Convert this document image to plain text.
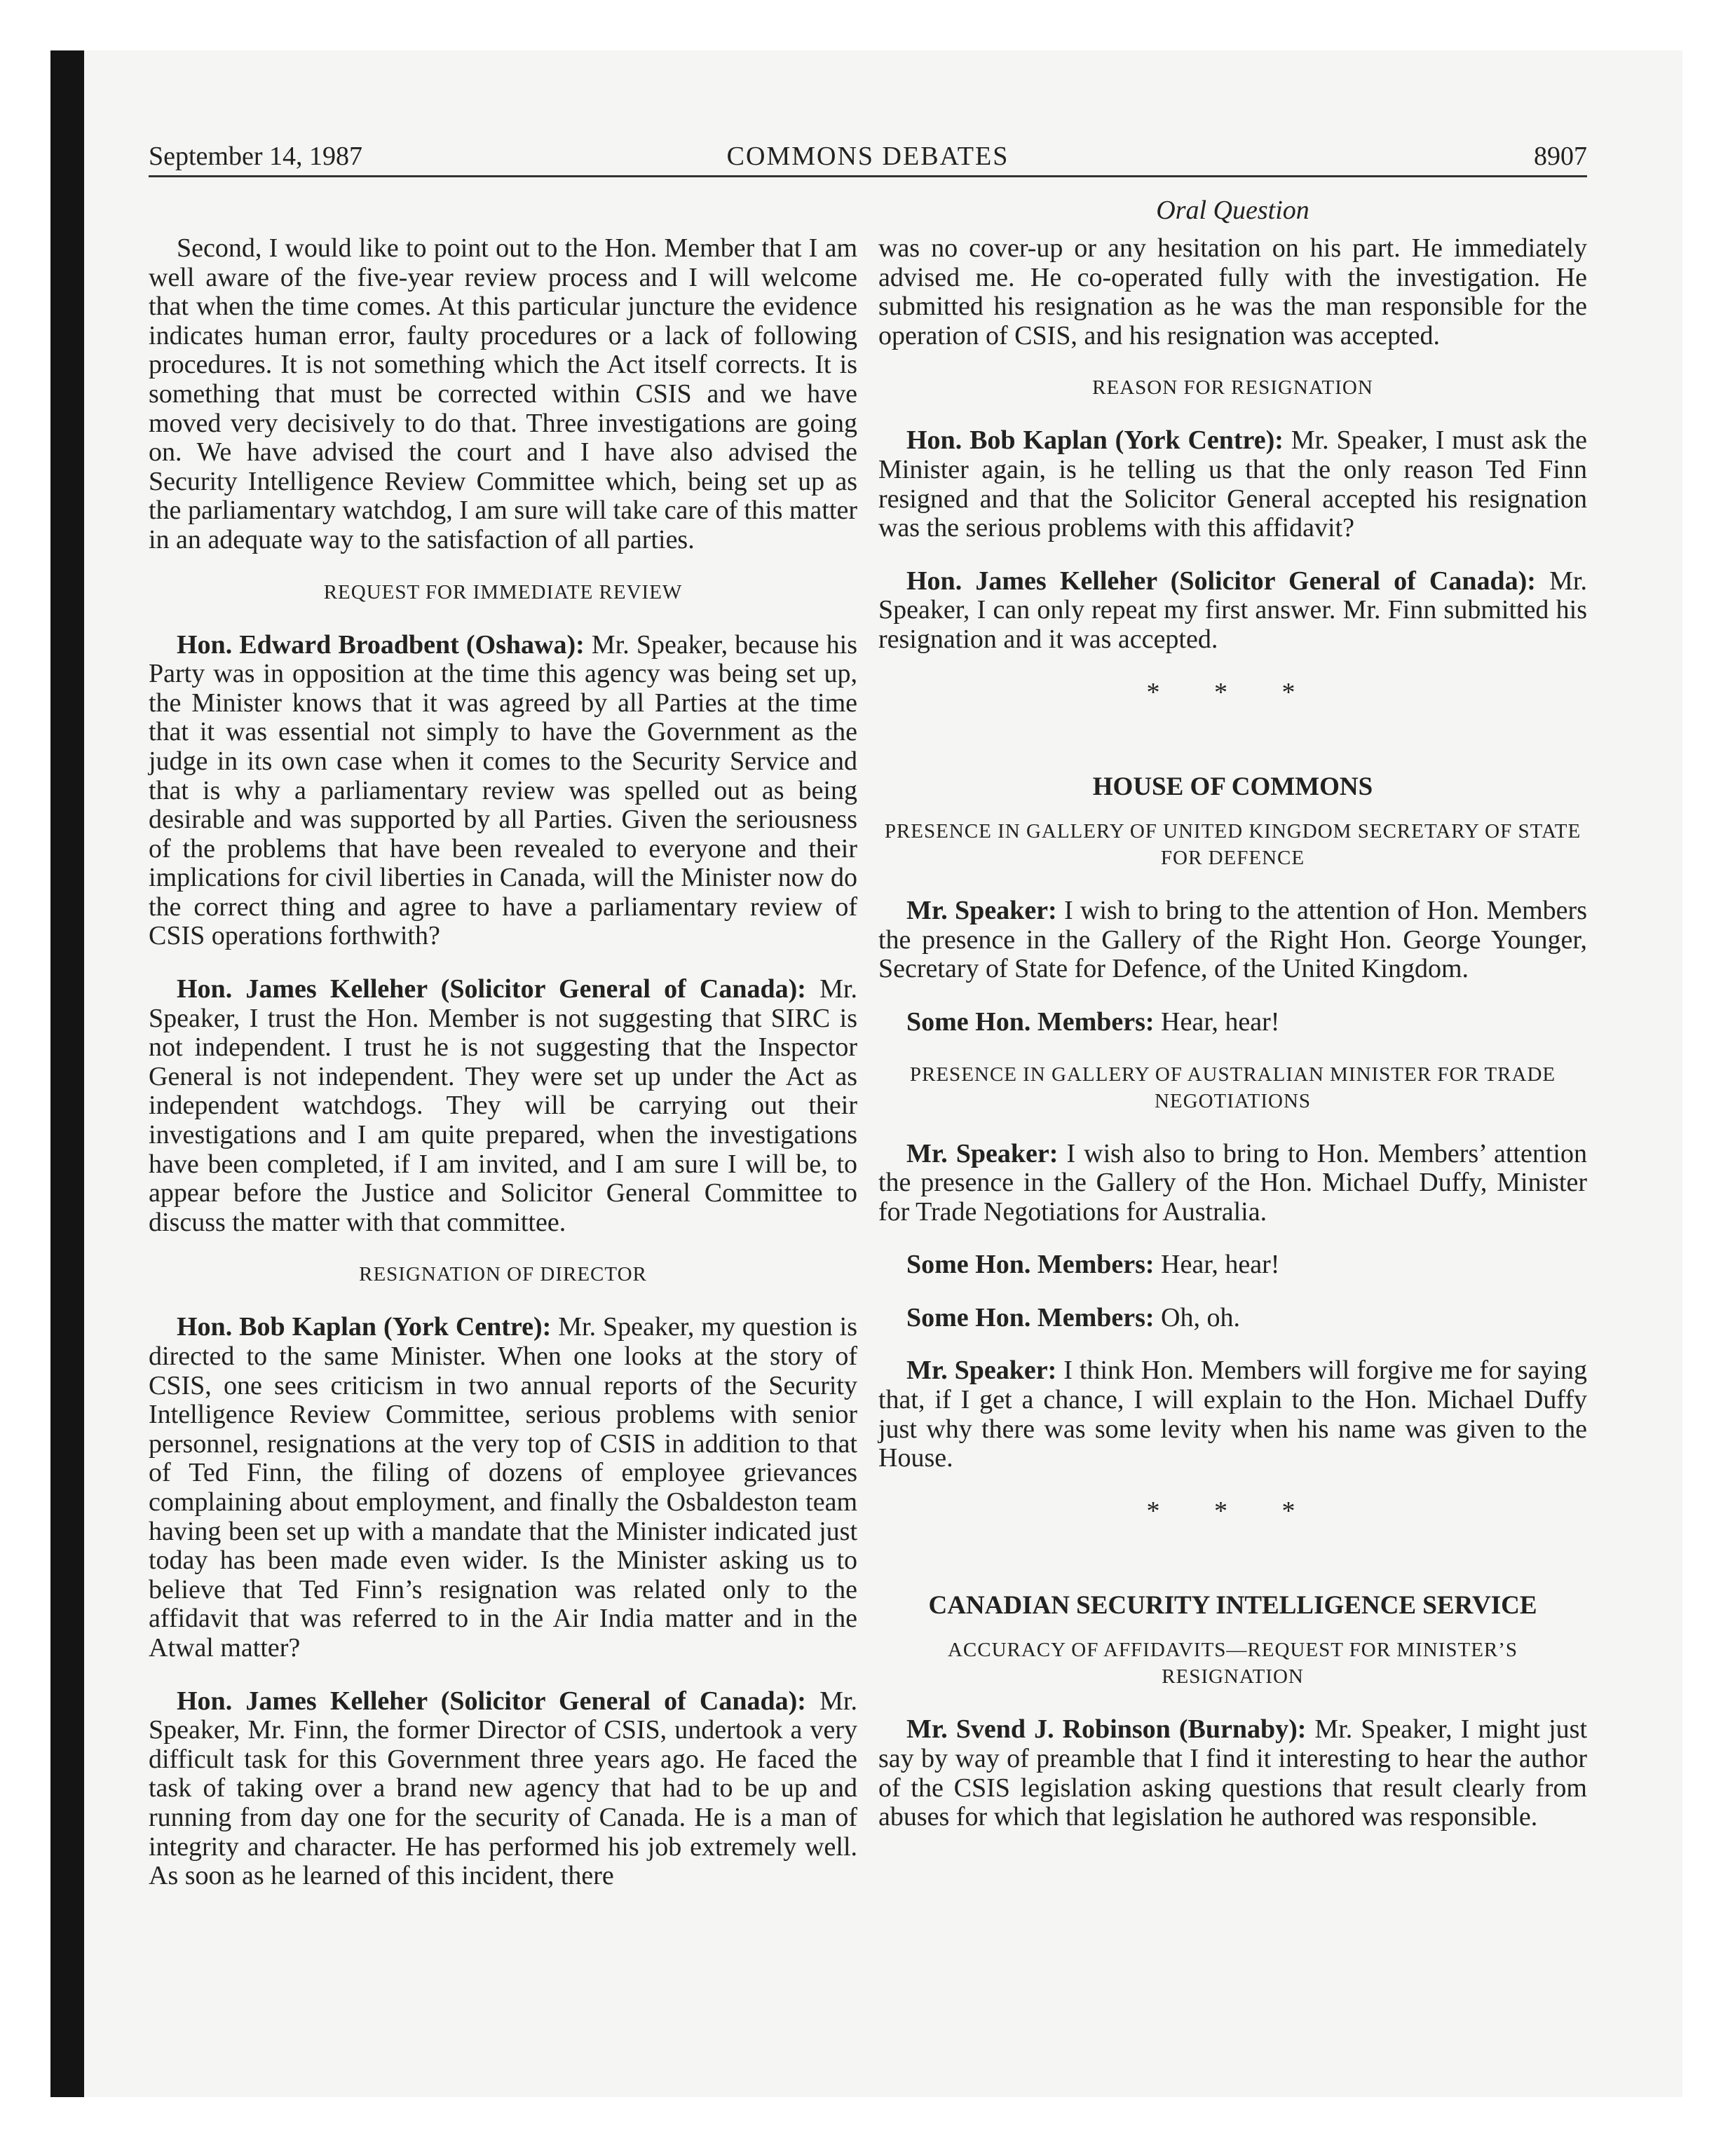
COMMONS DEBATES
September 14, 1987	8907
Oral Question

Second, I would like to point out to the Hon. Member that I am well aware of the five-year review process and I will welcome that when the time comes. At this particular juncture the evidence indicates human error, faulty procedures or a lack of following procedures. It is not something which the Act itself corrects. It is something that must be corrected within CSIS and we have moved very decisively to do that. Three investigations are going on. We have advised the court and I have also advised the Security Intelligence Review Committee which, being set up as the parliamentary watchdog, I am sure will take care of this matter in an adequate way to the satisfaction of all parties.

REQUEST FOR IMMEDIATE REVIEW

Hon. Edward Broadbent (Oshawa): Mr. Speaker, because his Party was in opposition at the time this agency was being set up, the Minister knows that it was agreed by all Parties at the time that it was essential not simply to have the Government as the judge in its own case when it comes to the Security Service and that is why a parliamentary review was spelled out as being desirable and was supported by all Parties. Given the seriousness of the problems that have been revealed to everyone and their implications for civil liberties in Canada, will the Minister now do the correct thing and agree to have a parliamentary review of CSIS operations forthwith?

Hon. James Kelleher (Solicitor General of Canada): Mr. Speaker, I trust the Hon. Member is not suggesting that SIRC is not independent. I trust he is not suggesting that the Inspector General is not independent. They were set up under the Act as independent watchdogs. They will be carrying out their investigations and I am quite prepared, when the investigations have been completed, if I am invited, and I am sure I will be, to appear before the Justice and Solicitor General Committee to discuss the matter with that committee.

RESIGNATION OF DIRECTOR

Hon. Bob Kaplan (York Centre): Mr. Speaker, my question is directed to the same Minister. When one looks at the story of CSIS, one sees criticism in two annual reports of the Security Intelligence Review Committee, serious problems with senior personnel, resignations at the very top of CSIS in addition to that of Ted Finn, the filing of dozens of employee grievances complaining about employment, and finally the Osbaldeston team having been set up with a mandate that the Minister indicated just today has been made even wider. Is the Minister asking us to believe that Ted Finn’s resignation was related only to the affidavit that was referred to in the Air India matter and in the Atwal matter?

Hon. James Kelleher (Solicitor General of Canada): Mr. Speaker, Mr. Finn, the former Director of CSIS, undertook a very difficult task for this Government three years ago. He faced the task of taking over a brand new agency that had to be up and running from day one for the security of Canada. He is a man of integrity and character. He has performed his job extremely well. As soon as he learned of this incident, there

was no cover-up or any hesitation on his part. He immediately advised me. He co-operated fully with the investigation. He submitted his resignation as he was the man responsible for the operation of CSIS, and his resignation was accepted.

REASON FOR RESIGNATION

Hon. Bob Kaplan (York Centre): Mr. Speaker, I must ask the Minister again, is he telling us that the only reason Ted Finn resigned and that the Solicitor General accepted his resignation was the serious problems with this affidavit?

Hon. James Kelleher (Solicitor General of Canada): Mr. Speaker, I can only repeat my first answer. Mr. Finn submitted his resignation and it was accepted.

* * *

HOUSE OF COMMONS

PRESENCE IN GALLERY OF UNITED KINGDOM SECRETARY OF STATE FOR DEFENCE

Mr. Speaker: I wish to bring to the attention of Hon. Members the presence in the Gallery of the Right Hon. George Younger, Secretary of State for Defence, of the United Kingdom.

Some Hon. Members: Hear, hear!

PRESENCE IN GALLERY OF AUSTRALIAN MINISTER FOR TRADE NEGOTIATIONS

Mr. Speaker: I wish also to bring to Hon. Members’ attention the presence in the Gallery of the Hon. Michael Duffy, Minister for Trade Negotiations for Australia.

Some Hon. Members: Hear, hear!

Some Hon. Members: Oh, oh.

Mr. Speaker: I think Hon. Members will forgive me for saying that, if I get a chance, I will explain to the Hon. Michael Duffy just why there was some levity when his name was given to the House.

* * *

CANADIAN SECURITY INTELLIGENCE SERVICE

ACCURACY OF AFFIDAVITS—REQUEST FOR MINISTER’S RESIGNATION

Mr. Svend J. Robinson (Burnaby): Mr. Speaker, I might just say by way of preamble that I find it interesting to hear the author of the CSIS legislation asking questions that result clearly from abuses for which that legislation he authored was responsible.
